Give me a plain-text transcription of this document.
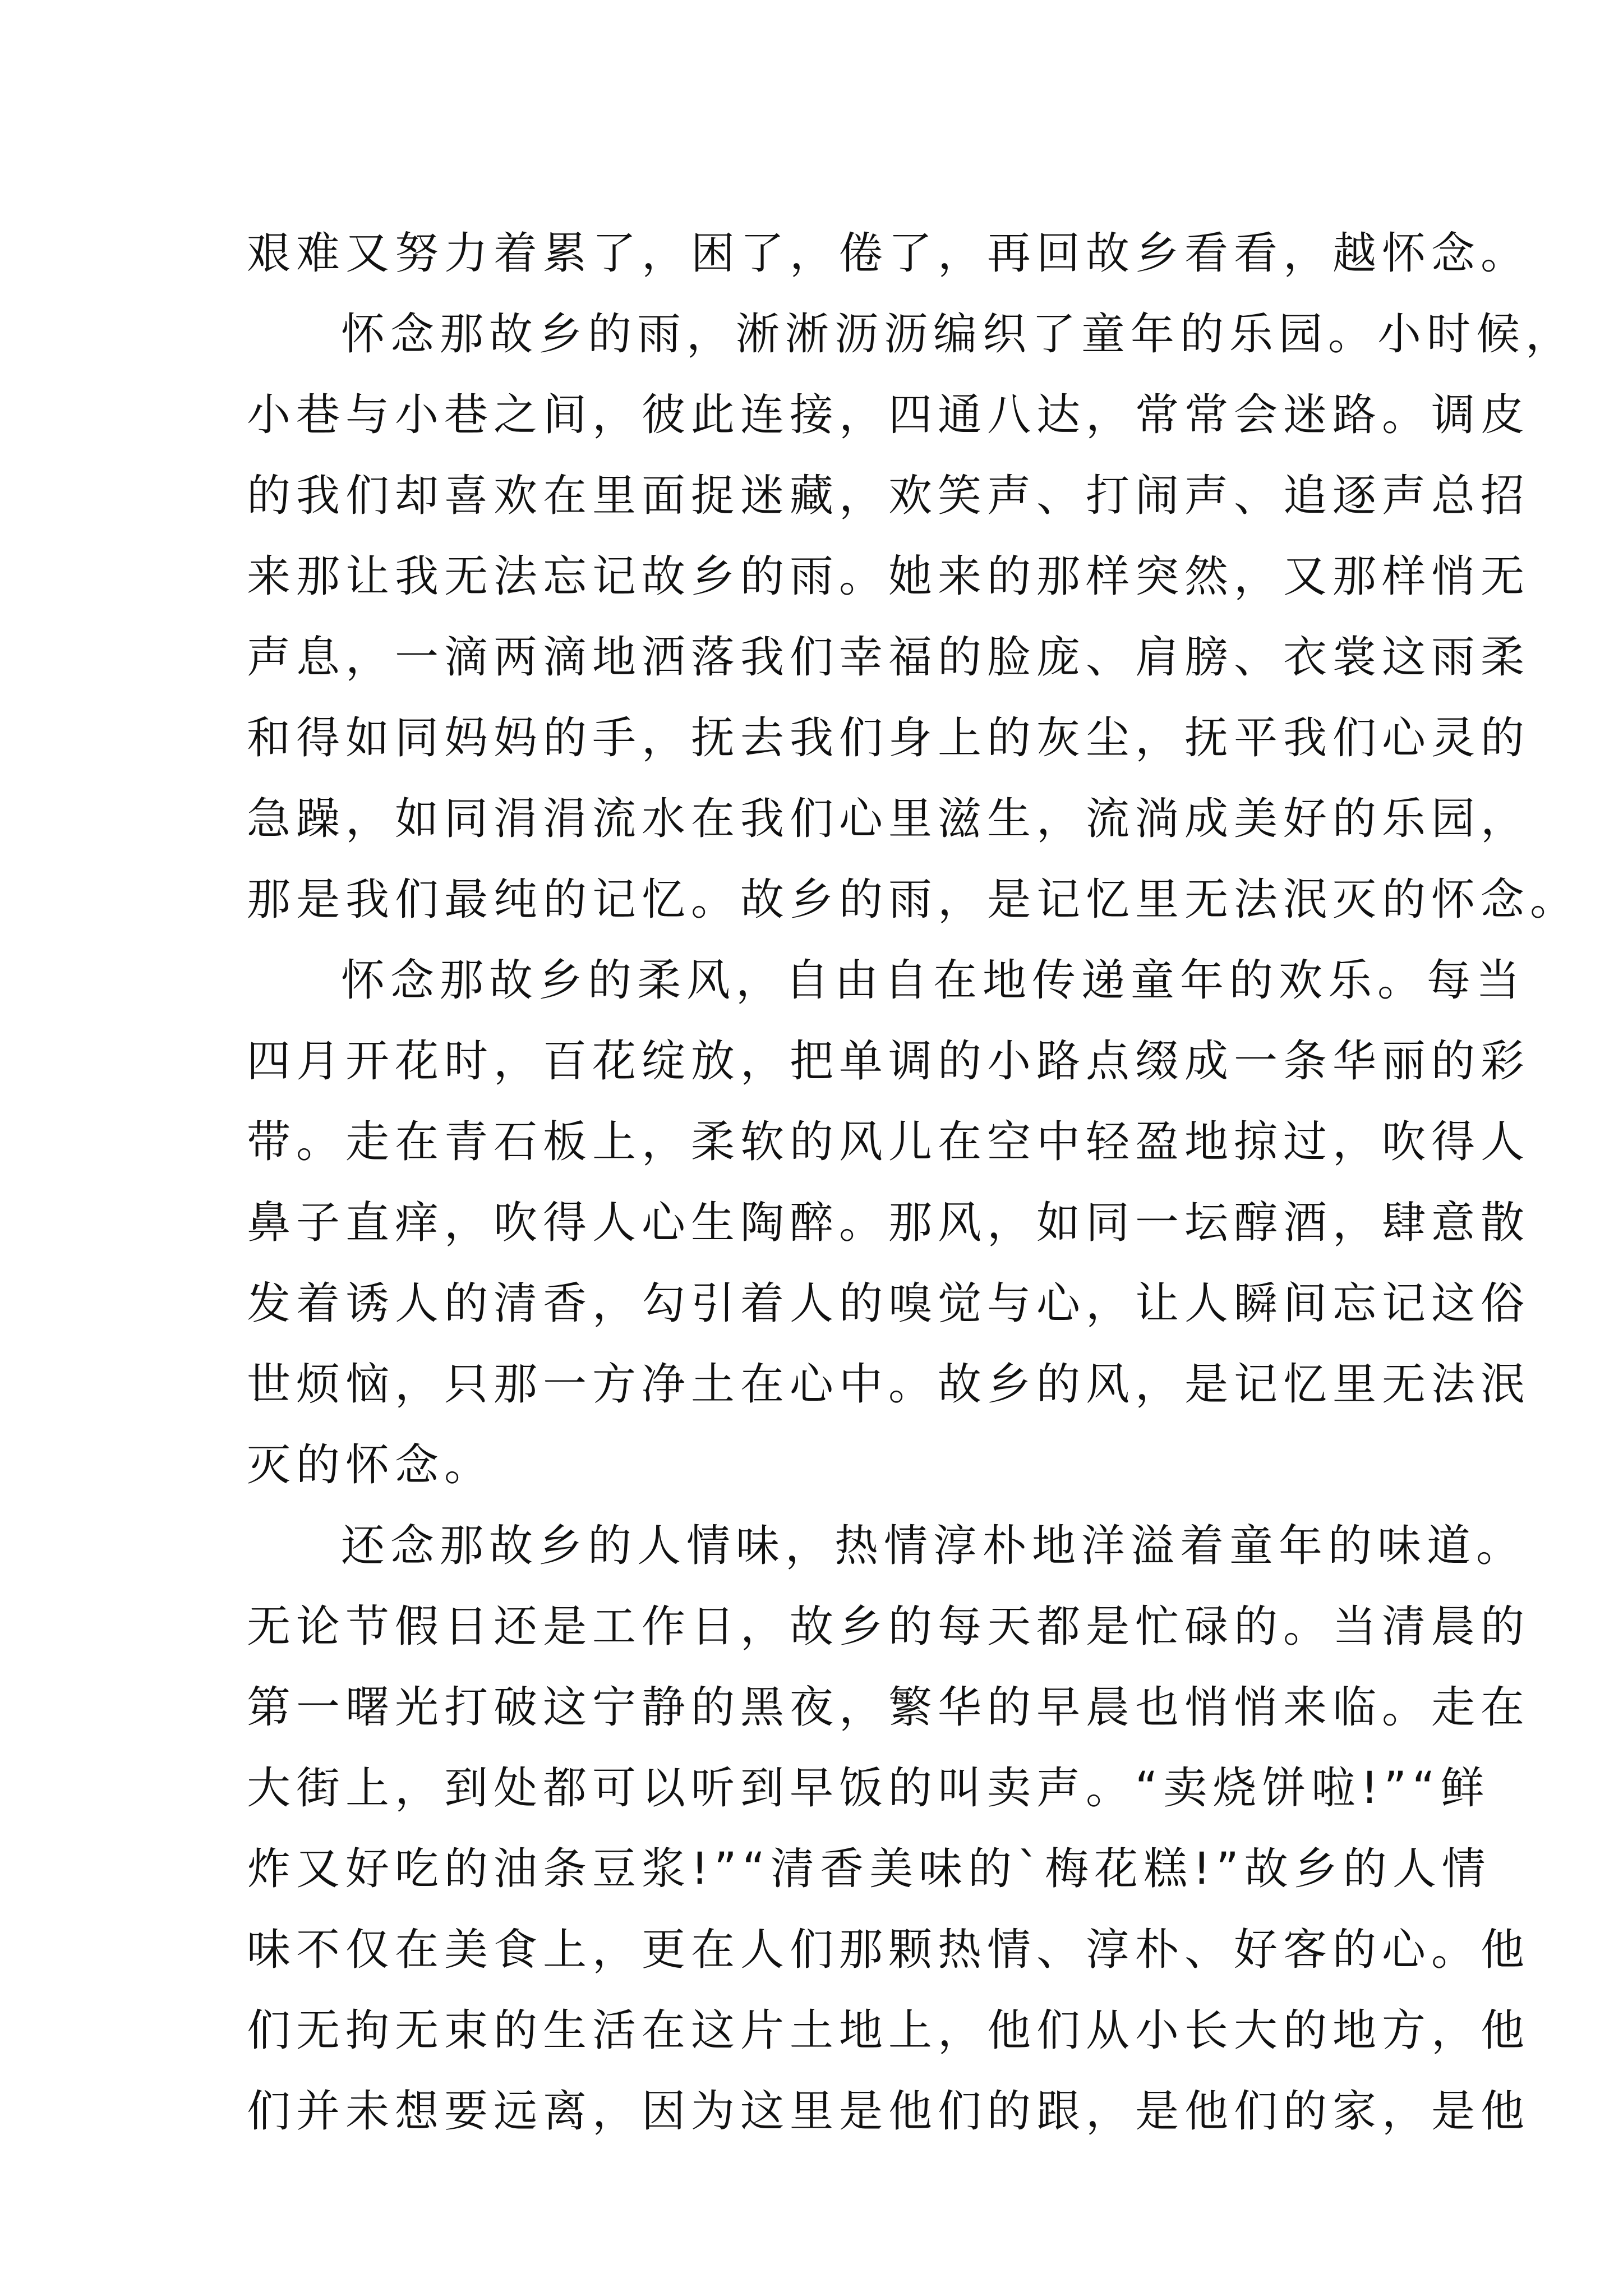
艰难又努力着累了，困了，倦了，再回故乡看看，越怀念。
怀念那故乡的雨，淅淅沥沥编织了童年的乐园。小时候，
小巷与小巷之间，彼此连接，四通八达，常常会迷路。调皮
的我们却喜欢在里面捉迷藏，欢笑声、打闹声、追逐声总招
来那让我无法忘记故乡的雨。她来的那样突然，又那样悄无
声息，一滴两滴地洒落我们幸福的脸庞、肩膀、衣裳这雨柔
和得如同妈妈的手，抚去我们身上的灰尘，抚平我们心灵的
急躁，如同涓涓流水在我们心里滋生，流淌成美好的乐园，
那是我们最纯的记忆。故乡的雨，是记忆里无法泯灭的怀念。
怀念那故乡的柔风，自由自在地传递童年的欢乐。每当
四月开花时，百花绽放，把单调的小路点缀成一条华丽的彩
带。走在青石板上，柔软的风儿在空中轻盈地掠过，吹得人
鼻子直痒，吹得人心生陶醉。那风，如同一坛醇酒，肆意散
发着诱人的清香，勾引着人的嗅觉与心，让人瞬间忘记这俗
世烦恼，只那一方净土在心中。故乡的风，是记忆里无法泯
灭的怀念。
还念那故乡的人情味，热情淳朴地洋溢着童年的味道。
无论节假日还是工作日，故乡的每天都是忙碌的。当清晨的
第一曙光打破这宁静的黑夜，繁华的早晨也悄悄来临。走在
大街上，到处都可以听到早饭的叫卖声。“卖烧饼啦!”“鲜
炸又好吃的油条豆浆!”“清香美味的`梅花糕!”故乡的人情
味不仅在美食上，更在人们那颗热情、淳朴、好客的心。他
们无拘无束的生活在这片土地上，他们从小长大的地方，他
们并未想要远离，因为这里是他们的跟，是他们的家，是他
